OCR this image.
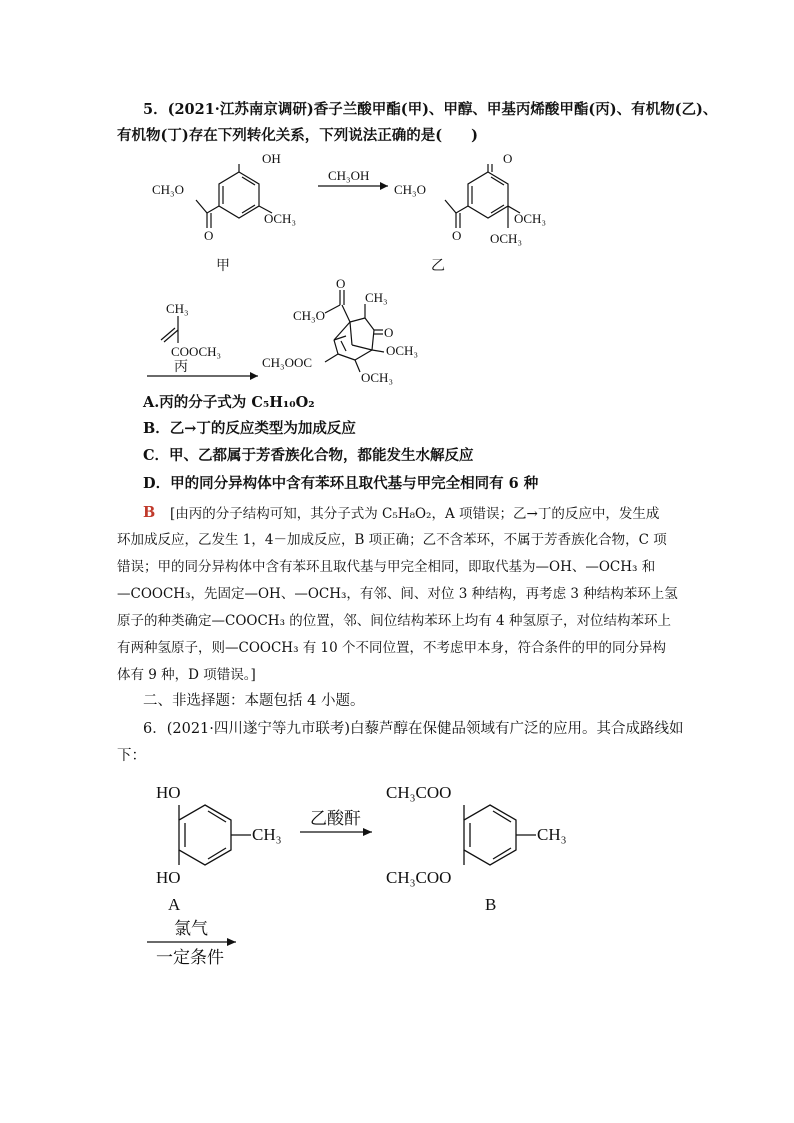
5．(2021·江苏南京调研)香子兰酸甲酯(甲)、甲醇、甲基丙烯酸甲酯(丙)、有机物(乙)、
有机物(丁)存在下列转化关系，下列说法正确的是(　　)
CH₃O
O
OH
OCH₃
甲
CH₃OH
CH₃O
O
O
OCH₃
OCH₃
乙
CH₃
COOCH₃
丙
CH₃
CH₃O
O
O
CH₃OOC
OCH₃
OCH₃
A.丙的分子式为 C₅H₁₀O₂
B．乙→丁的反应类型为加成反应
C．甲、乙都属于芳香族化合物，都能发生水解反应
D．甲的同分异构体中含有苯环且取代基与甲完全相同有 6 种
B [由丙的分子结构可知，其分子式为 C₅H₈O₂，A 项错误；乙→丁的反应中，发生成
环加成反应，乙发生 1，4－加成反应，B 项正确；乙不含苯环，不属于芳香族化合物，C 项
错误；甲的同分异构体中含有苯环且取代基与甲完全相同，即取代基为—OH、—OCH₃ 和
—COOCH₃，先固定—OH、—OCH₃，有邻、间、对位 3 种结构，再考虑 3 种结构苯环上氢
原子的种类确定—COOCH₃ 的位置，邻、间位结构苯环上均有 4 种氢原子，对位结构苯环上
有两种氢原子，则—COOCH₃ 有 10 个不同位置，不考虑甲本身，符合条件的甲的同分异构
体有 9 种，D 项错误。]
二、非选择题：本题包括 4 小题。
6．(2021·四川遂宁等九市联考)白藜芦醇在保健品领域有广泛的应用。其合成路线如
下：
HO
HO
CH₃
A
乙酸酐
CH₃COO
CH₃COO
CH₃
B
氯气
一定条件
